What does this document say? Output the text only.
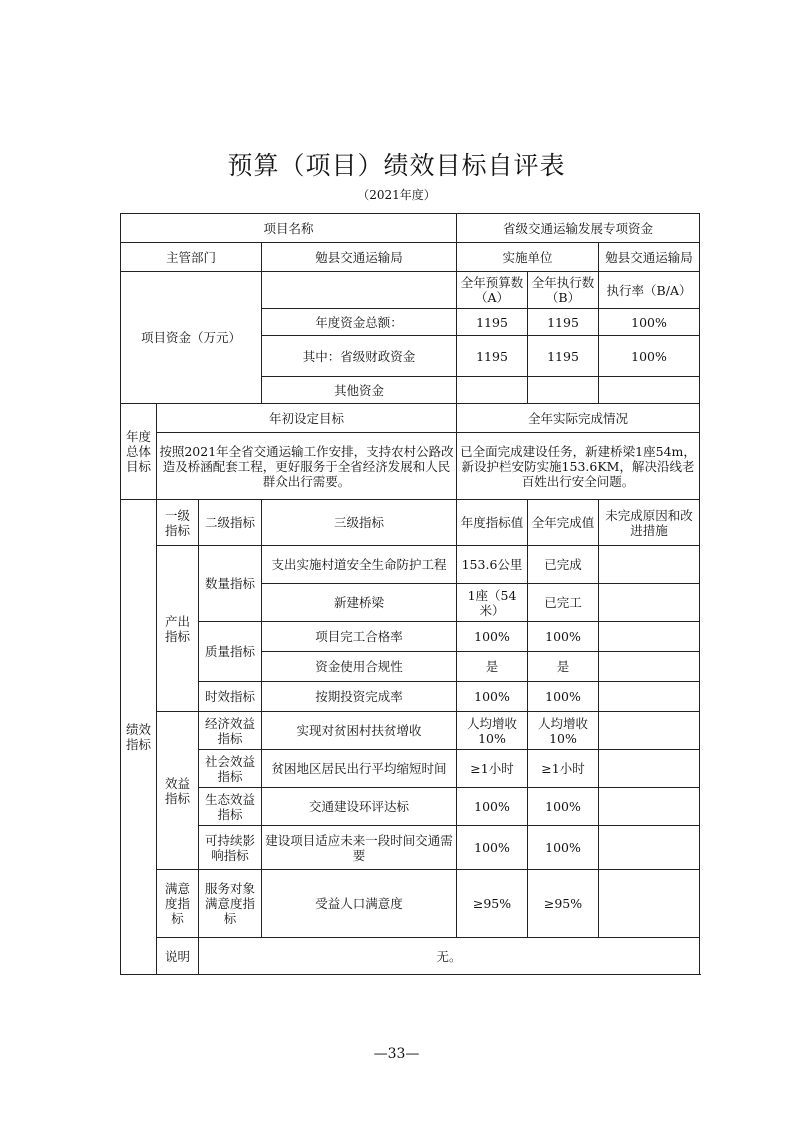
预算（项目）绩效目标自评表
（2021年度）
项目名称				省级交通运输发展专项资金		
主管部门			勉县交通运输局	实施单位		勉县交通运输局
项目资金（万元）				全年预算数（A）	全年执行数（B）	执行率（B/A）
			年度资金总额：	1195	1195	100%
			其中：省级财政资金	1195	1195	100%
			其他资金			
年度总体目标	年初设定目标			全年实际完成情况		
	按照2021年全省交通运输工作安排，支持农村公路改造及桥涵配套工程，更好服务于全省经济发展和人民群众出行需要。			已全面完成建设任务，新建桥梁1座54m，新设护栏安防实施153.6KM，解决沿线老百姓出行安全问题。		
绩效指标	一级指标	二级指标	三级指标	年度指标值	全年完成值	未完成原因和改进措施
	产出指标	数量指标	支出实施村道安全生命防护工程	153.6公里	已完成	
			新建桥梁	1座（54米）	已完工	
		质量指标	项目完工合格率	100%	100%	
			资金使用合规性	是	是	
		时效指标	按期投资完成率	100%	100%	
	效益指标	经济效益指标	实现对贫困村扶贫增收	人均增收10%	人均增收10%	
		社会效益指标	贫困地区居民出行平均缩短时间	≥1小时	≥1小时	
		生态效益指标	交通建设环评达标	100%	100%	
		可持续影响指标	建设项目适应未来一段时间交通需要	100%	100%	
	满意度指标	服务对象满意度指标	受益人口满意度	≥95%	≥95%	
	说明	无。				
—33—
